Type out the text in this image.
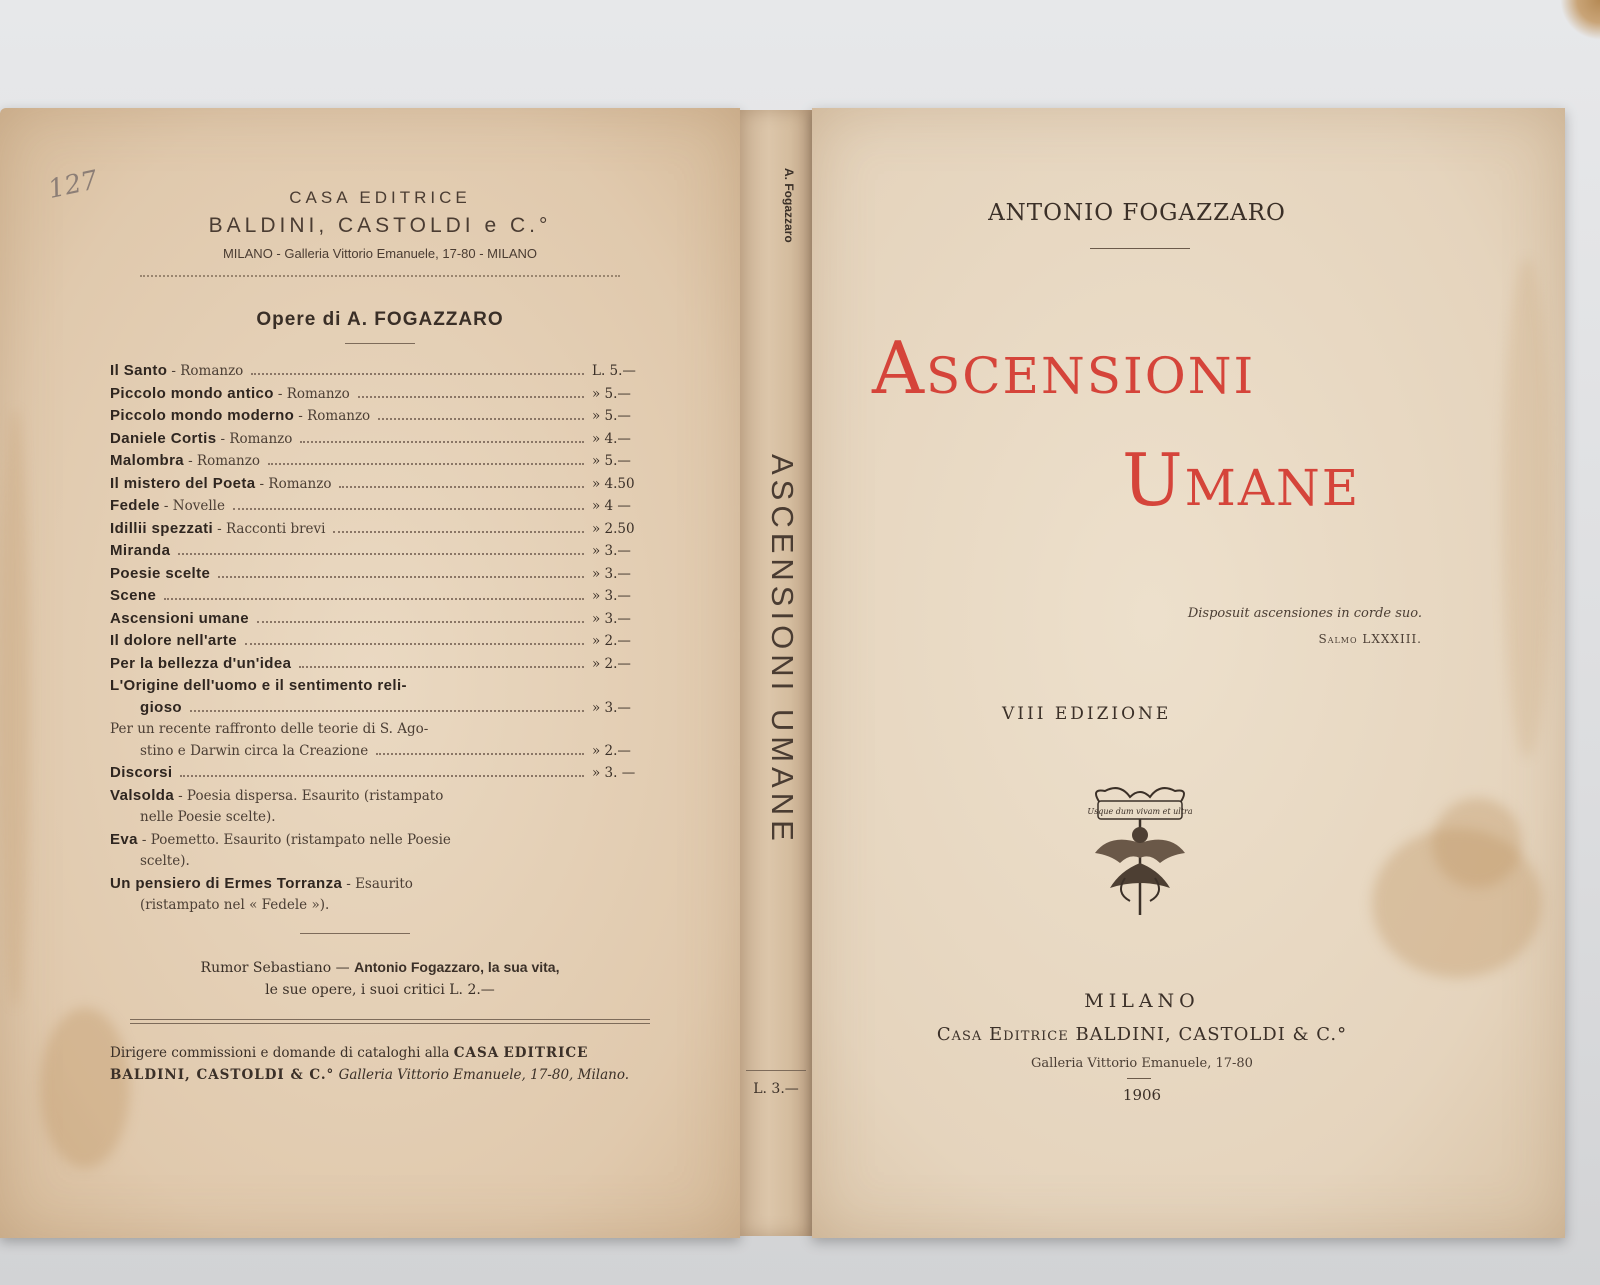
127	CASA EDITRICE
BALDINI, CASTOLDI e C.°
MILANO - Galleria Vittorio Emanuele, 17-80 - MILANO
Opere di A. FOGAZZARO
Il Santo - Romanzo	L. 5.—
Piccolo mondo antico - Romanzo	» 5.—
Piccolo mondo moderno - Romanzo	» 5.—
Daniele Cortis - Romanzo	» 4.—
Malombra - Romanzo	» 5.—
Il mistero del Poeta - Romanzo	» 4.50
Fedele - Novelle	» 4 —
Idillii spezzati - Racconti brevi	» 2.50
Miranda	» 3.—
Poesie scelte	» 3.—
Scene	» 3.—
Ascensioni umane	» 3.—
Il dolore nell'arte	» 2.—
Per la bellezza d'un'idea	» 2.—
L'Origine dell'uomo e il sentimento reli-
gioso	» 3.—
Per un recente raffronto delle teorie di S. Ago-
stino e Darwin circa la Creazione	» 2.—
Discorsi	» 3. —
Valsolda - Poesia dispersa. Esaurito (ristampato
nelle Poesie scelte).
Eva - Poemetto. Esaurito (ristampato nelle Poesie
scelte).
Un pensiero di Ermes Torranza - Esaurito
(ristampato nel « Fedele »).
Rumor Sebastiano — Antonio Fogazzaro, la sua vita,
le sue opere, i suoi critici L. 2.—
Dirigere commissioni e domande di cataloghi alla CASA EDITRICE BALDINI, CASTOLDI & C.° Galleria Vittorio Emanuele, 17-80, Milano.
A. Fogazzaro
ASCENSIONI UMANE
L. 3.—
ANTONIO FOGAZZARO
Ascensioni
Umane
Disposuit ascensiones in corde suo.
Salmo LXXXIII.
VIII EDIZIONE
Usque dum vivam et ultra
MILANO
Casa Editrice BALDINI, CASTOLDI & C.°
Galleria Vittorio Emanuele, 17-80
1906
